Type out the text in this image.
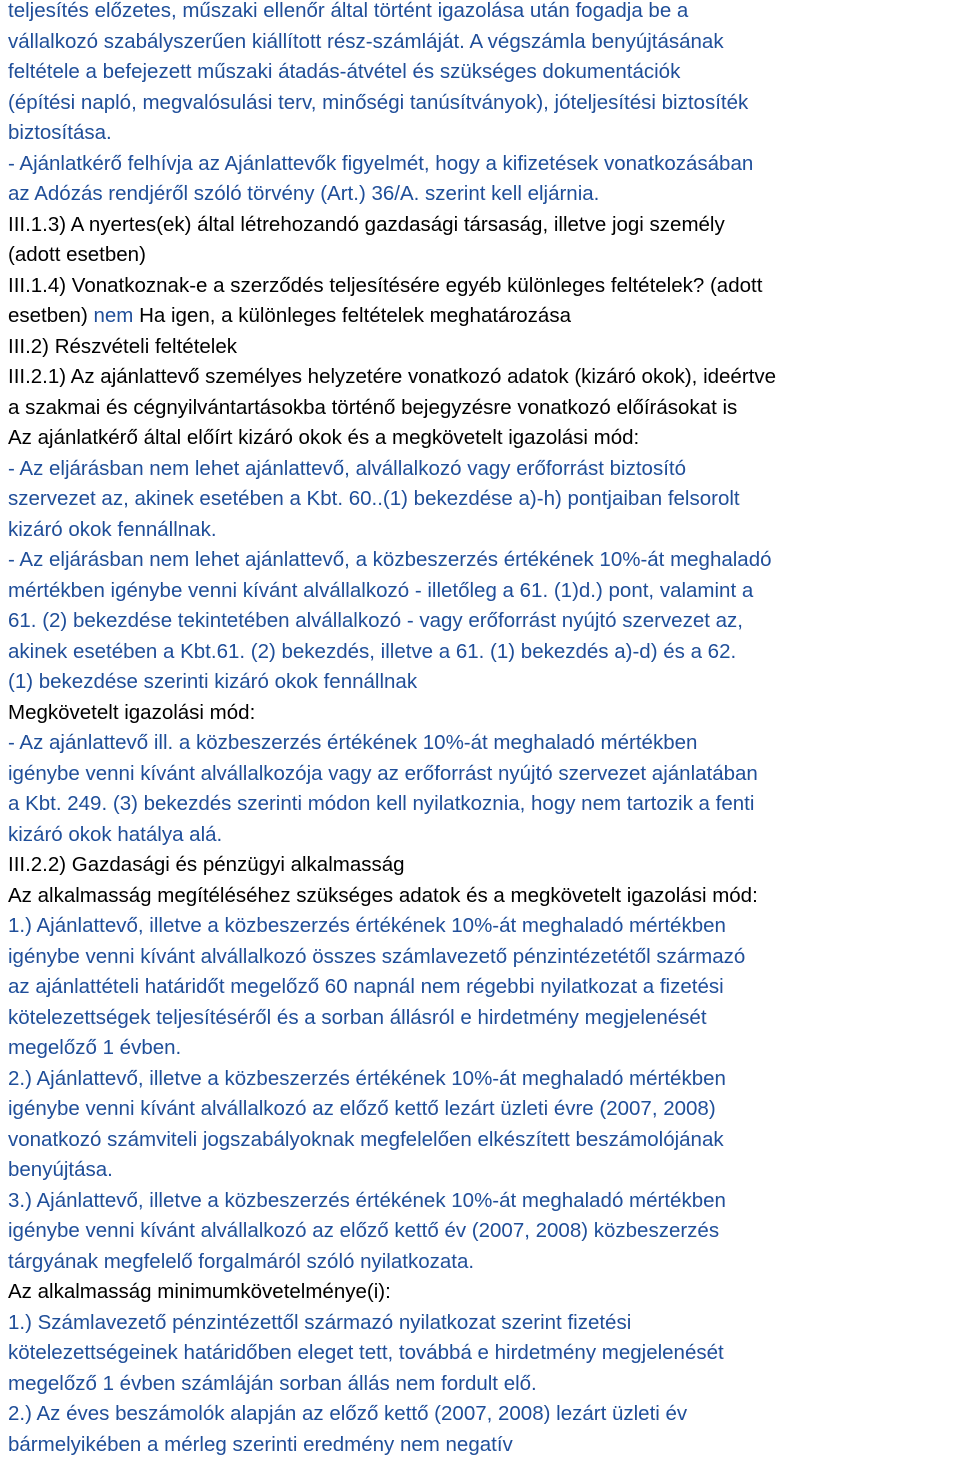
teljesítés előzetes, műszaki ellenőr által történt igazolása után fogadja be a
vállalkozó szabályszerűen kiállított rész-számláját. A végszámla benyújtásának
feltétele a befejezett műszaki átadás-átvétel és szükséges dokumentációk
(építési napló, megvalósulási terv, minőségi tanúsítványok), jóteljesítési biztosíték
biztosítása.
- Ajánlatkérő felhívja az Ajánlattevők figyelmét, hogy a kifizetések vonatkozásában
az Adózás rendjéről szóló törvény (Art.) 36/A. szerint kell eljárnia.
III.1.3) A nyertes(ek) által létrehozandó gazdasági társaság, illetve jogi személy
(adott esetben)
III.1.4) Vonatkoznak-e a szerződés teljesítésére egyéb különleges feltételek? (adott
esetben) nem Ha igen, a különleges feltételek meghatározása
III.2) Részvételi feltételek
III.2.1) Az ajánlattevő személyes helyzetére vonatkozó adatok (kizáró okok), ideértve
a szakmai és cégnyilvántartásokba történő bejegyzésre vonatkozó előírásokat is
Az ajánlatkérő által előírt kizáró okok és a megkövetelt igazolási mód:
- Az eljárásban nem lehet ajánlattevő, alvállalkozó vagy erőforrást biztosító
szervezet az, akinek esetében a Kbt. 60..(1) bekezdése a)-h) pontjaiban felsorolt
kizáró okok fennállnak.
- Az eljárásban nem lehet ajánlattevő, a közbeszerzés értékének 10%-át meghaladó
mértékben igénybe venni kívánt alvállalkozó - illetőleg a 61. (1)d.) pont, valamint a
61. (2) bekezdése tekintetében alvállalkozó - vagy erőforrást nyújtó szervezet az,
akinek esetében a Kbt.61. (2) bekezdés, illetve a 61. (1) bekezdés a)-d) és a 62.
(1) bekezdése szerinti kizáró okok fennállnak
Megkövetelt igazolási mód:
- Az ajánlattevő ill. a közbeszerzés értékének 10%-át meghaladó mértékben
igénybe venni kívánt alvállalkozója vagy az erőforrást nyújtó szervezet ajánlatában
a Kbt. 249. (3) bekezdés szerinti módon kell nyilatkoznia, hogy nem tartozik a fenti
kizáró okok hatálya alá.
III.2.2) Gazdasági és pénzügyi alkalmasság
Az alkalmasság megítéléséhez szükséges adatok és a megkövetelt igazolási mód:
1.) Ajánlattevő, illetve a közbeszerzés értékének 10%-át meghaladó mértékben
igénybe venni kívánt alvállalkozó összes számlavezető pénzintézetétől származó
az ajánlattételi határidőt megelőző 60 napnál nem régebbi nyilatkozat a fizetési
kötelezettségek teljesítéséről és a sorban állásról e hirdetmény megjelenését
megelőző 1 évben.
2.) Ajánlattevő, illetve a közbeszerzés értékének 10%-át meghaladó mértékben
igénybe venni kívánt alvállalkozó az előző kettő lezárt üzleti évre (2007, 2008)
vonatkozó számviteli jogszabályoknak megfelelően elkészített beszámolójának
benyújtása.
3.) Ajánlattevő, illetve a közbeszerzés értékének 10%-át meghaladó mértékben
igénybe venni kívánt alvállalkozó az előző kettő év (2007, 2008) közbeszerzés
tárgyának megfelelő forgalmáról szóló nyilatkozata.
Az alkalmasság minimumkövetelménye(i):
1.) Számlavezető pénzintézettől származó nyilatkozat szerint fizetési
kötelezettségeinek határidőben eleget tett, továbbá e hirdetmény megjelenését
megelőző 1 évben számláján sorban állás nem fordult elő.
2.) Az éves beszámolók alapján az előző kettő (2007, 2008) lezárt üzleti év
bármelyikében a mérleg szerinti eredmény nem negatív
